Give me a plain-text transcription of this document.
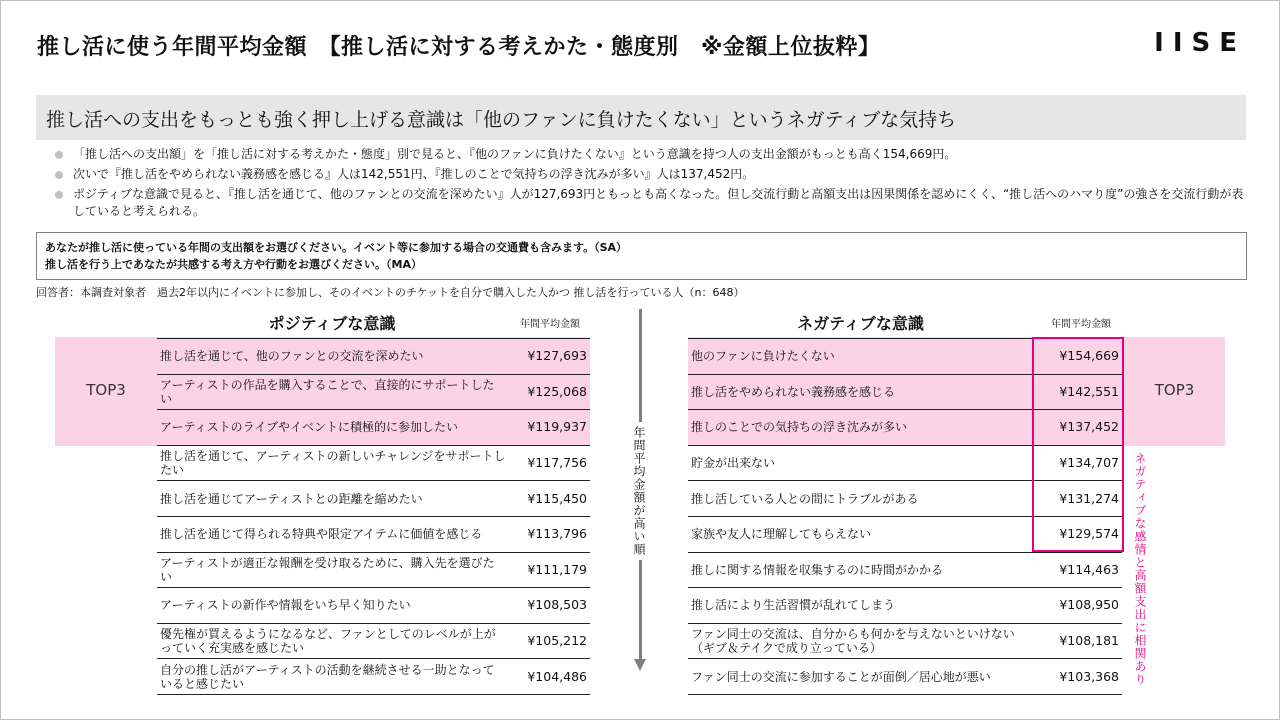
推し活に使う年間平均金額　【推し活に対する考えかた・態度別　※金額上位抜粋】	IISE
推し活への支出をもっとも強く押し上げる意識は「他のファンに負けたくない」というネガティブな気持ち
「推し活への支出額」を「推し活に対する考えかた・態度」別で見ると、『他のファンに負けたくない』という意識を持つ人の支出金額がもっとも高く154,669円。
次いで『推し活をやめられない義務感を感じる』人は142,551円、『推しのことで気持ちの浮き沈みが多い』人は137,452円。
ポジティブな意識で見ると、『推し活を通じて、他のファンとの交流を深めたい』人が127,693円ともっとも高くなった。但し交流行動と高額支出は因果関係を認めにくく、“推し活へのハマり度”の強さを交流行動が表していると考えられる。
あなたが推し活に使っている年間の支出額をお選びください。イベント等に参加する場合の交通費も含みます。（SA）
推し活を行う上であなたが共感する考え方や行動をお選びください。（MA）
回答者：本調査対象者　過去2年以内にイベントに参加し、そのイベントのチケットを自分で購入した人かつ 推し活を行っている人（n：648）
TOP3	TOP3
ポジティブな意識	年間平均金額	ネガティブな意識	年間平均金額
推し活を通じて、他のファンとの交流を深めたい	¥127,693
アーティストの作品を購入することで、直接的にサポートしたい	¥125,068
アーティストのライブやイベントに積極的に参加したい	¥119,937
推し活を通じて、アーティストの新しいチャレンジをサポートしたい	¥117,756
推し活を通じてアーティストとの距離を縮めたい	¥115,450
推し活を通じて得られる特典や限定アイテムに価値を感じる	¥113,796
アーティストが適正な報酬を受け取るために、購入先を選びたい	¥111,179
アーティストの新作や情報をいち早く知りたい	¥108,503
優先権が買えるようになるなど、ファンとしてのレベルが上がっていく充実感を感じたい	¥105,212
自分の推し活がアーティストの活動を継続させる一助となっていると感じたい	¥104,486
他のファンに負けたくない	¥154,669
推し活をやめられない義務感を感じる	¥142,551
推しのことでの気持ちの浮き沈みが多い	¥137,452
貯金が出来ない	¥134,707
推し活している人との間にトラブルがある	¥131,274
家族や友人に理解してもらえない	¥129,574
推しに関する情報を収集するのに時間がかかる	¥114,463
推し活により生活習慣が乱れてしまう	¥108,950
ファン同士の交流は、自分からも何かを与えないといけない（ギブ＆テイクで成り立っている）	¥108,181
ファン同士の交流に参加することが面倒／居心地が悪い	¥103,368
年間平均金額が高い順	ネガティブな感情と高額支出に相関あり
